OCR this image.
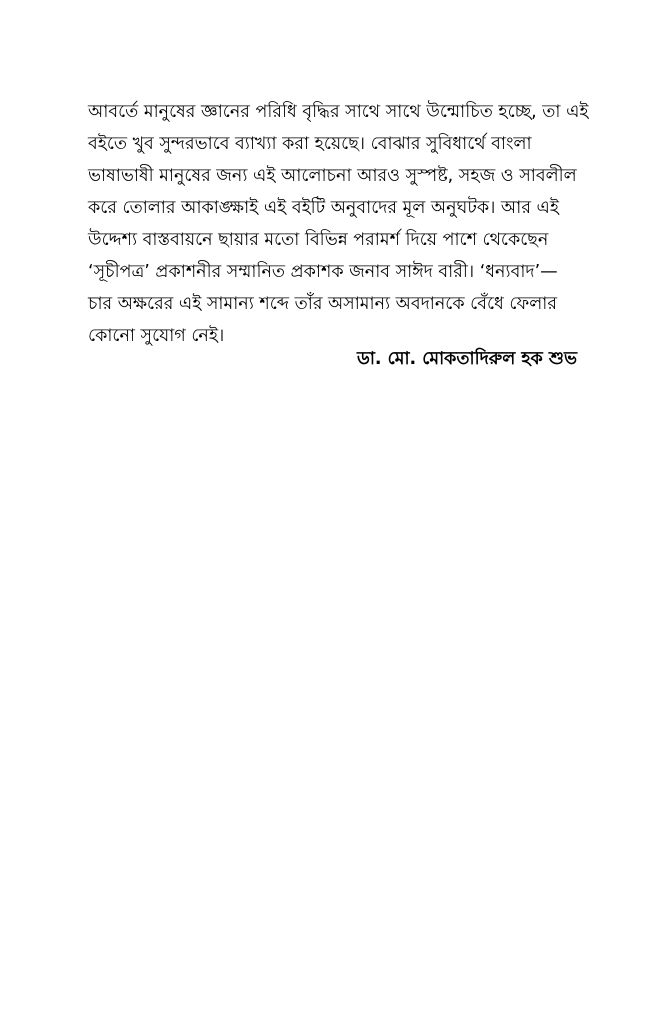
আবর্তে মানুষের জ্ঞানের পরিধি বৃদ্ধির সাথে সাথে উন্মোচিত হচ্ছে, তা এই
বইতে খুব সুন্দরভাবে ব্যাখ্যা করা হয়েছে। বোঝার সুবিধার্থে বাংলা
ভাষাভাষী মানুষের জন্য এই আলোচনা আরও সুস্পষ্ট, সহজ ও সাবলীল
করে তোলার আকাঙ্ক্ষাই এই বইটি অনুবাদের মূল অনুঘটক। আর এই
উদ্দেশ্য বাস্তবায়নে ছায়ার মতো বিভিন্ন পরামর্শ দিয়ে পাশে থেকেছেন
‘সূচীপত্র’ প্রকাশনীর সম্মানিত প্রকাশক জনাব সাঈদ বারী। ‘ধন্যবাদ’—
চার অক্ষরের এই সামান্য শব্দে তাঁর অসামান্য অবদানকে বেঁধে ফেলার
কোনো সুযোগ নেই।
ডা. মো. মোকতাদিরুল হক শুভ
